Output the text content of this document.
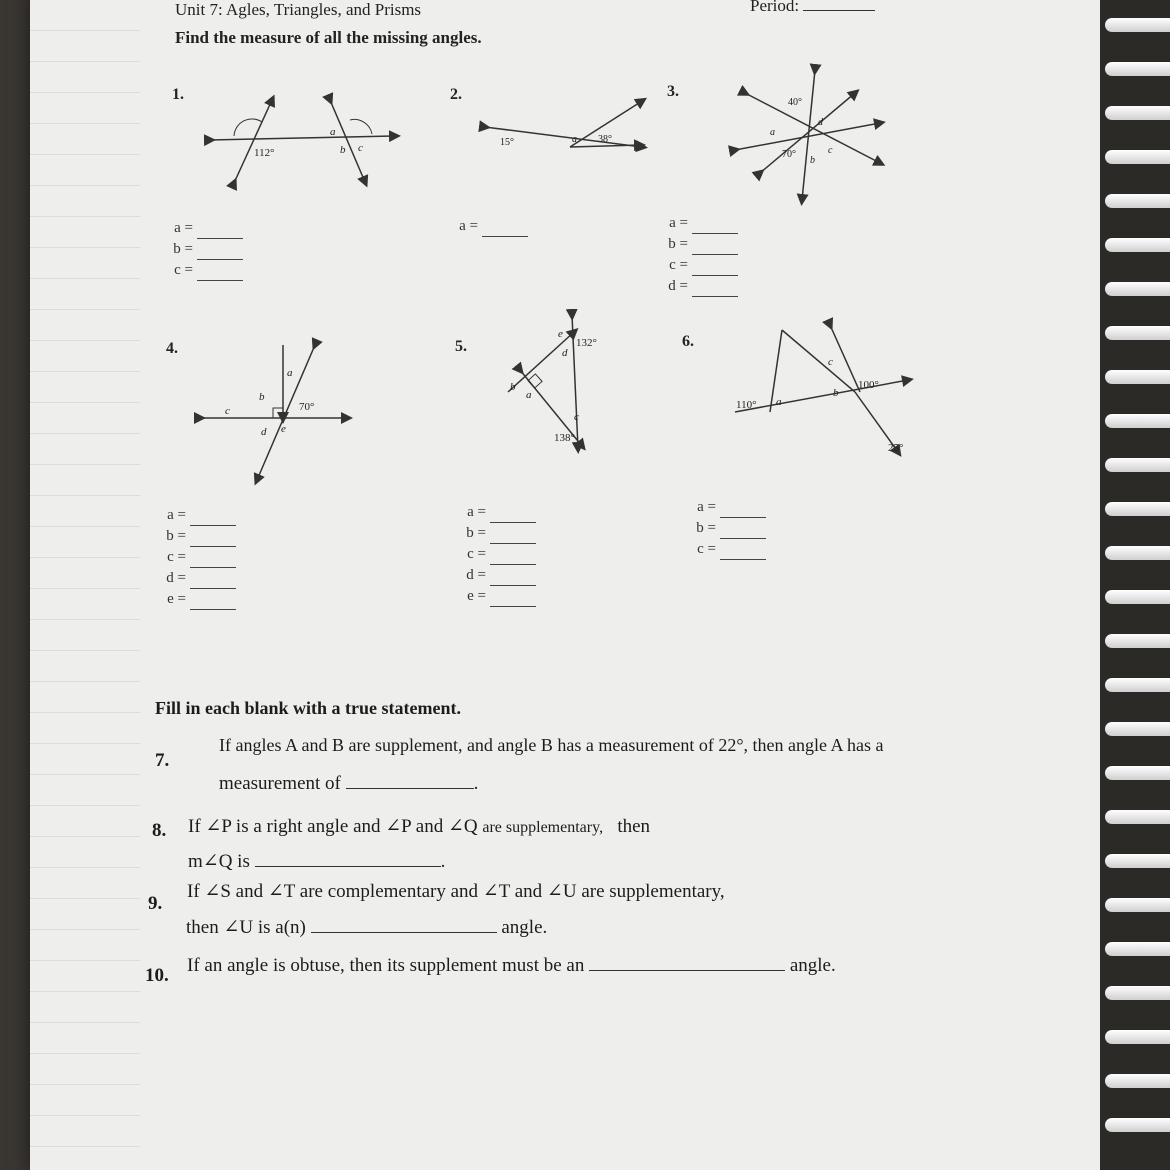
Unit 7: Agles, Triangles, and Prisms	Period:
Find the measure of all the missing angles.
1.	2.	3.
4.	5.	6.
112°
a
b c	15°	a 38°
40°
d
a
70°
b
c
a
b
70°
c
d e
e
132°
d
b
a
c
138°
c
b
100°
110° a
25°
a =
b =
c =
a =	a =
b =
c =
d =
a =
b =
c =
d =
e =
a =
b =
c =
d =
e =
a =
b =
c =
Fill in each blank with a true statement.
7.
If angles A and B are supplement, and angle B has a measurement of 22°, then angle A has a
measurement of	.
8. If ∠P is a right angle and ∠P and ∠Q are supplementary, then
m∠Q is	.
9.
If ∠S and ∠T are complementary and ∠T and ∠U are supplementary,
then ∠U is a(n)	angle.
10. If an angle is obtuse, then its supplement must be an	angle.
